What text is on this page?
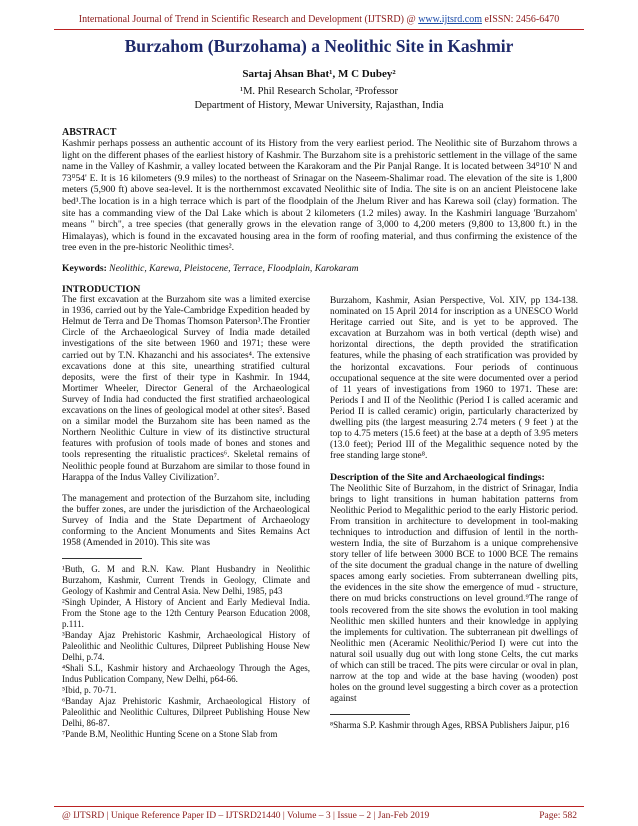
International Journal of Trend in Scientific Research and Development (IJTSRD) @ www.ijtsrd.com eISSN: 2456-6470
Burzahom (Burzohama) a Neolithic Site in Kashmir
Sartaj Ahsan Bhat¹, M C Dubey²
¹M. Phil Research Scholar, ²Professor
Department of History, Mewar University, Rajasthan, India
ABSTRACT
Kashmir perhaps possess an authentic account of its History from the very earliest period. The Neolithic site of Burzahom throws a light on the different phases of the earliest history of Kashmir. The Burzahom site is a prehistoric settlement in the village of the same name in the Valley of Kashmir, a valley located between the Karakoram and the Pir Panjal Range. It is located between 34⁰10' N and 73⁰54' E. It is 16 kilometers (9.9 miles) to the northeast of Srinagar on the Naseem-Shalimar road. The elevation of the site is 1,800 meters (5,900 ft) above sea-level. It is the northernmost excavated Neolithic site of India. The site is on an ancient Pleistocene lake bed¹.The location is in a high terrace which is part of the floodplain of the Jhelum River and has Karewa soil (clay) formation. The site has a commanding view of the Dal Lake which is about 2 kilometers (1.2 miles) away. In the Kashmiri language 'Burzahom' means " birch", a tree species (that generally grows in the elevation range of 3,000 to 4,200 meters (9,800 to 13,800 ft.) in the Himalayas), which is found in the excavated housing area in the form of roofing material, and thus confirming the existence of the tree even in the pre-historic Neolithic times².
Keywords: Neolithic, Karewa, Pleistocene, Terrace, Floodplain, Karokaram
INTRODUCTION

The first excavation at the Burzahom site was a limited exercise in 1936, carried out by the Yale-Cambridge Expedition headed by Helmut de Terra and De Thomas Thomson Paterson³.The Frontier Circle of the Archaeological Survey of India made detailed investigations of the site between 1960 and 1971; these were carried out by T.N. Khazanchi and his associates⁴. The extensive excavations done at this site, unearthing stratified cultural deposits, were the first of their type in Kashmir. In 1944, Mortimer Wheeler, Director General of the Archaeological Survey of India had conducted the first stratified archaeological excavations on the lines of geological model at other sites⁵. Based on a similar model the Burzahom site has been named as the Northern Neolithic Culture in view of its distinctive structural features with profusion of tools made of bones and stones and tools representing the ritualistic practices⁶. Skeletal remains of Neolithic people found at Burzahom are similar to those found in Harappa of the Indus Valley Civilization⁷.

The management and protection of the Burzahom site, including the buffer zones, are under the jurisdiction of the Archaeological Survey of India and the State Department of Archaeology conforming to the Ancient Monuments and Sites Remains Act 1958 (Amended in 2010). This site was

¹Buth, G. M and R.N. Kaw. Plant Husbandry in Neolithic Burzahom, Kashmir, Current Trends in Geology, Climate and Geology of Kashmir and Central Asia. New Delhi, 1985, p43

²Singh Upinder, A History of Ancient and Early Medieval India. From the Stone age to the 12th Century Pearson Education 2008, p.111.

³Banday Ajaz Prehistoric Kashmir, Archaeological History of Paleolithic and Neolithic Cultures, Dilpreet Publishing House New Delhi, p.74.

⁴Shali S.L, Kashmir history and Archaeology Through the Ages, Indus Publication Company, New Delhi, p64-66.

⁵Ibid, p. 70-71.

⁶Banday Ajaz Prehistoric Kashmir, Archaeological History of Paleolithic and Neolithic Cultures, Dilpreet Publishing House New Delhi, 86-87.

⁷Pande B.M, Neolithic Hunting Scene on a Stone Slab from

Burzahom, Kashmir, Asian Perspective, Vol. XIV, pp 134-138. nominated on 15 April 2014 for inscription as a UNESCO World Heritage carried out Site, and is yet to be approved. The excavation at Burzahom was in both vertical (depth wise) and horizontal directions, the depth provided the stratification features, while the phasing of each stratification was provided by the horizontal excavations. Four periods of continuous occupational sequence at the site were documented over a period of 11 years of investigations from 1960 to 1971. These are: Periods I and II of the Neolithic (Period I is called aceramic and Period II is called ceramic) origin, particularly characterized by dwelling pits (the largest measuring 2.74 meters ( 9 feet ) at the top to 4.75 meters (15.6 feet) at the base at a depth of 3.95 meters (13.0 feet); Period III of the Megalithic sequence noted by the free standing large stone⁸.

Description of the Site and Archaeological findings:

The Neolithic Site of Burzahom, in the district of Srinagar, India brings to light transitions in human habitation patterns from Neolithic Period to Megalithic period to the early Historic period. From transition in architecture to development in tool-making techniques to introduction and diffusion of lentil in the north-western India, the site of Burzahom is a unique comprehensive story teller of life between 3000 BCE to 1000 BCE The remains of the site document the gradual change in the nature of dwelling spaces among early societies. From subterranean dwelling pits, the evidences in the site show the emergence of mud - structure, there on mud bricks constructions on level ground.⁹The range of tools recovered from the site shows the evolution in tool making Neolithic men skilled hunters and their knowledge in applying the implements for cultivation. The subterranean pit dwellings of Neolithic men (Aceramic Neolithic/Period I) were cut into the natural soil usually dug out with long stone Celts, the cut marks of which can still be traced. The pits were circular or oval in plan, narrow at the top and wide at the base having (wooden) post holes on the ground level suggesting a birch cover as a protection against

⁸Sharma S.P. Kashmir through Ages, RBSA Publishers Jaipur, p16

@ IJTSRD | Unique Reference Paper ID – IJTSRD21440 | Volume – 3 | Issue – 2 | Jan-Feb 2019	Page: 582
